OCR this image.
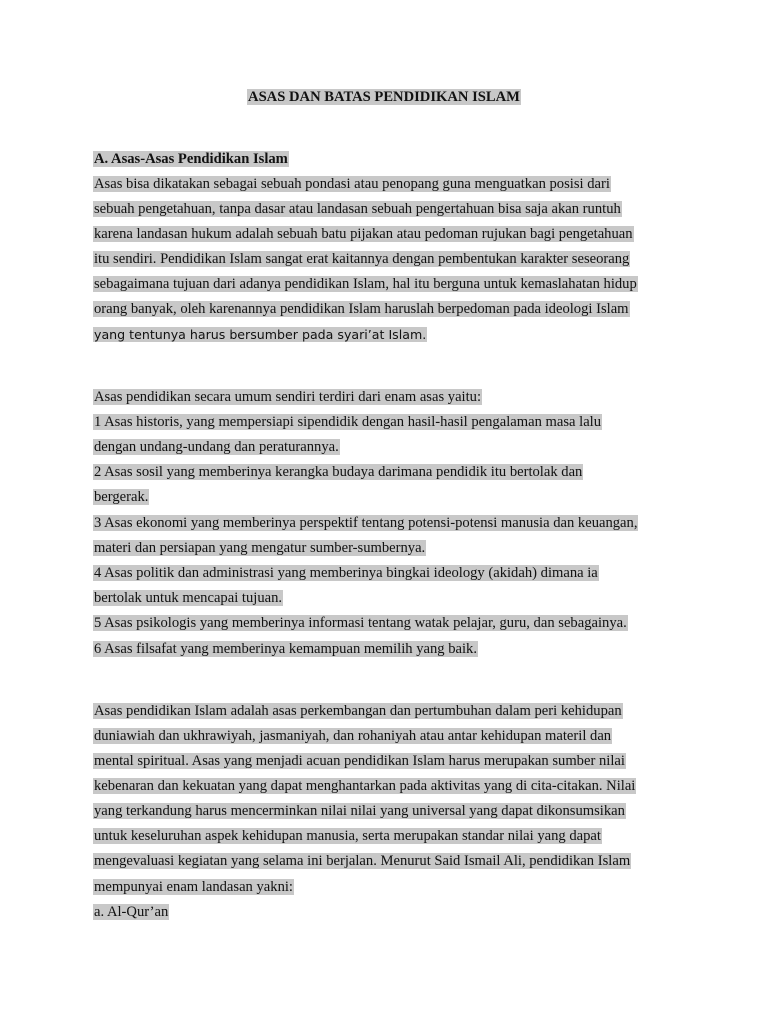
ASAS DAN BATAS PENDIDIKAN ISLAM
A. Asas-Asas Pendidikan Islam
Asas bisa dikatakan sebagai sebuah pondasi atau penopang guna menguatkan posisi dari
sebuah pengetahuan, tanpa dasar atau landasan sebuah pengertahuan bisa saja akan runtuh
karena landasan hukum adalah sebuah batu pijakan atau pedoman rujukan bagi pengetahuan
itu sendiri. Pendidikan Islam sangat erat kaitannya dengan pembentukan karakter seseorang
sebagaimana tujuan dari adanya pendidikan Islam, hal itu berguna untuk kemaslahatan hidup
orang banyak, oleh karenannya pendidikan Islam haruslah berpedoman pada ideologi Islam
yang tentunya harus bersumber pada syari’at Islam.
Asas pendidikan secara umum sendiri terdiri dari enam asas yaitu:
1 Asas historis, yang mempersiapi sipendidik dengan hasil-hasil pengalaman masa lalu
dengan undang-undang dan peraturannya.
2 Asas sosil yang memberinya kerangka budaya darimana pendidik itu bertolak dan
bergerak.
3 Asas ekonomi yang memberinya perspektif tentang potensi-potensi manusia dan keuangan,
materi dan persiapan yang mengatur sumber-sumbernya.
4 Asas politik dan administrasi yang memberinya bingkai ideology (akidah) dimana ia
bertolak untuk mencapai tujuan.
5 Asas psikologis yang memberinya informasi tentang watak pelajar, guru, dan sebagainya.
6 Asas filsafat yang memberinya kemampuan memilih yang baik.
Asas pendidikan Islam adalah asas perkembangan dan pertumbuhan dalam peri kehidupan
duniawiah dan ukhrawiyah, jasmaniyah, dan rohaniyah atau antar kehidupan materil dan
mental spiritual. Asas yang menjadi acuan pendidikan Islam harus merupakan sumber nilai
kebenaran dan kekuatan yang dapat menghantarkan pada aktivitas yang di cita-citakan. Nilai
yang terkandung harus mencerminkan nilai nilai yang universal yang dapat dikonsumsikan
untuk keseluruhan aspek kehidupan manusia, serta merupakan standar nilai yang dapat
mengevaluasi kegiatan yang selama ini berjalan. Menurut Said Ismail Ali, pendidikan Islam
mempunyai enam landasan yakni:
a. Al-Qur’an
